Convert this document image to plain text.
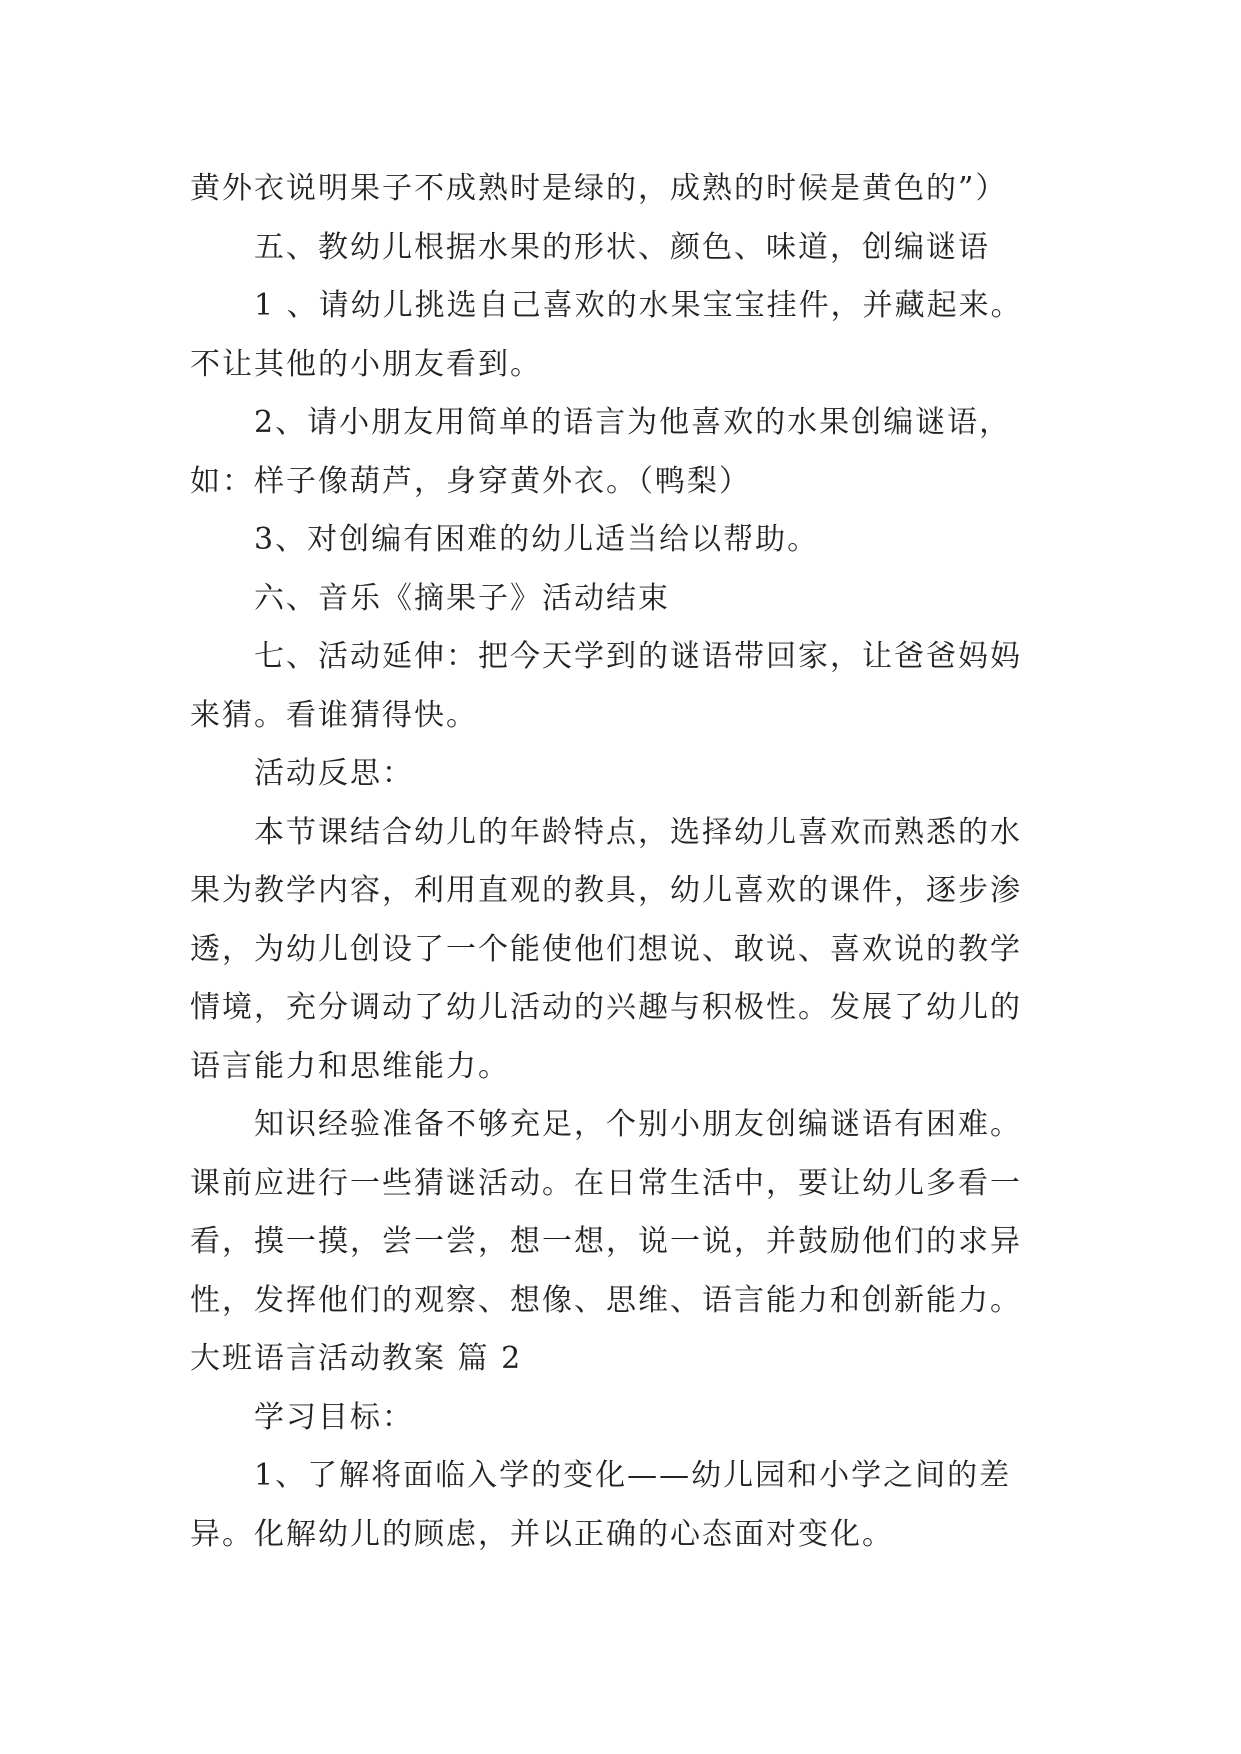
黄外衣说明果子不成熟时是绿的，成熟的时候是黄色的”）

五、教幼儿根据水果的形状、颜色、味道，创编谜语

1 、请幼儿挑选自己喜欢的水果宝宝挂件，并藏起来。

不让其他的小朋友看到。

2、请小朋友用简单的语言为他喜欢的水果创编谜语，

如：样子像葫芦，身穿黄外衣。（鸭梨）

3、对创编有困难的幼儿适当给以帮助。

六、音乐《摘果子》活动结束

七、活动延伸：把今天学到的谜语带回家，让爸爸妈妈

来猜。看谁猜得快。

活动反思：

本节课结合幼儿的年龄特点，选择幼儿喜欢而熟悉的水

果为教学内容，利用直观的教具，幼儿喜欢的课件，逐步渗

透，为幼儿创设了一个能使他们想说、敢说、喜欢说的教学

情境，充分调动了幼儿活动的兴趣与积极性。发展了幼儿的

语言能力和思维能力。

知识经验准备不够充足，个别小朋友创编谜语有困难。

课前应进行一些猜谜活动。在日常生活中，要让幼儿多看一

看，摸一摸，尝一尝，想一想，说一说，并鼓励他们的求异

性，发挥他们的观察、想像、思维、语言能力和创新能力。

大班语言活动教案 篇 2

学习目标：

1、了解将面临入学的变化——幼儿园和小学之间的差

异。化解幼儿的顾虑，并以正确的心态面对变化。
